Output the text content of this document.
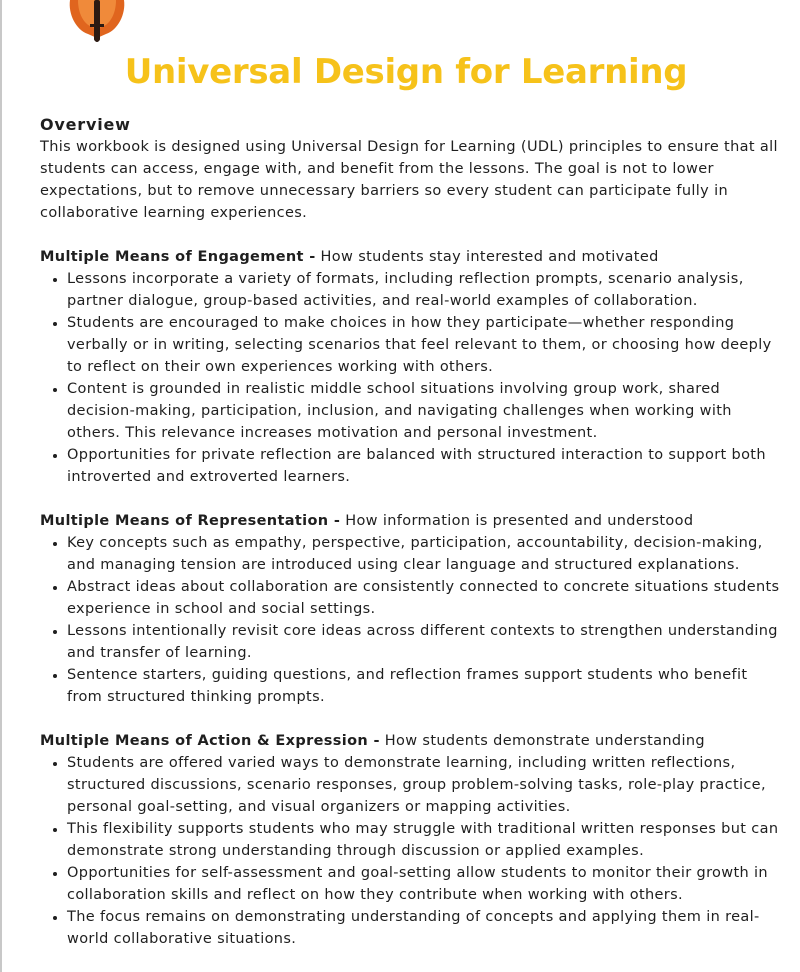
Universal Design for Learning
Overview

This workbook is designed using Universal Design for Learning (UDL) principles to ensure that all students can access, engage with, and benefit from the lessons. The goal is not to lower expectations, but to remove unnecessary barriers so every student can participate fully in collaborative learning experiences.

Multiple Means of Engagement - How students stay interested and motivated

• Lessons incorporate a variety of formats, including reflection prompts, scenario analysis, partner dialogue, group-based activities, and real-world examples of collaboration.
• Students are encouraged to make choices in how they participate—whether responding verbally or in writing, selecting scenarios that feel relevant to them, or choosing how deeply to reflect on their own experiences working with others.
• Content is grounded in realistic middle school situations involving group work, shared decision-making, participation, inclusion, and navigating challenges when working with others. This relevance increases motivation and personal investment.
• Opportunities for private reflection are balanced with structured interaction to support both introverted and extroverted learners.

Multiple Means of Representation - How information is presented and understood

• Key concepts such as empathy, perspective, participation, accountability, decision-making, and managing tension are introduced using clear language and structured explanations.
• Abstract ideas about collaboration are consistently connected to concrete situations students experience in school and social settings.
• Lessons intentionally revisit core ideas across different contexts to strengthen understanding and transfer of learning.
• Sentence starters, guiding questions, and reflection frames support students who benefit from structured thinking prompts.

Multiple Means of Action & Expression - How students demonstrate understanding

• Students are offered varied ways to demonstrate learning, including written reflections, structured discussions, scenario responses, group problem-solving tasks, role-play practice, personal goal-setting, and visual organizers or mapping activities.
• This flexibility supports students who may struggle with traditional written responses but can demonstrate strong understanding through discussion or applied examples.
• Opportunities for self-assessment and goal-setting allow students to monitor their growth in collaboration skills and reflect on how they contribute when working with others.
• The focus remains on demonstrating understanding of concepts and applying them in real-world collaborative situations.
